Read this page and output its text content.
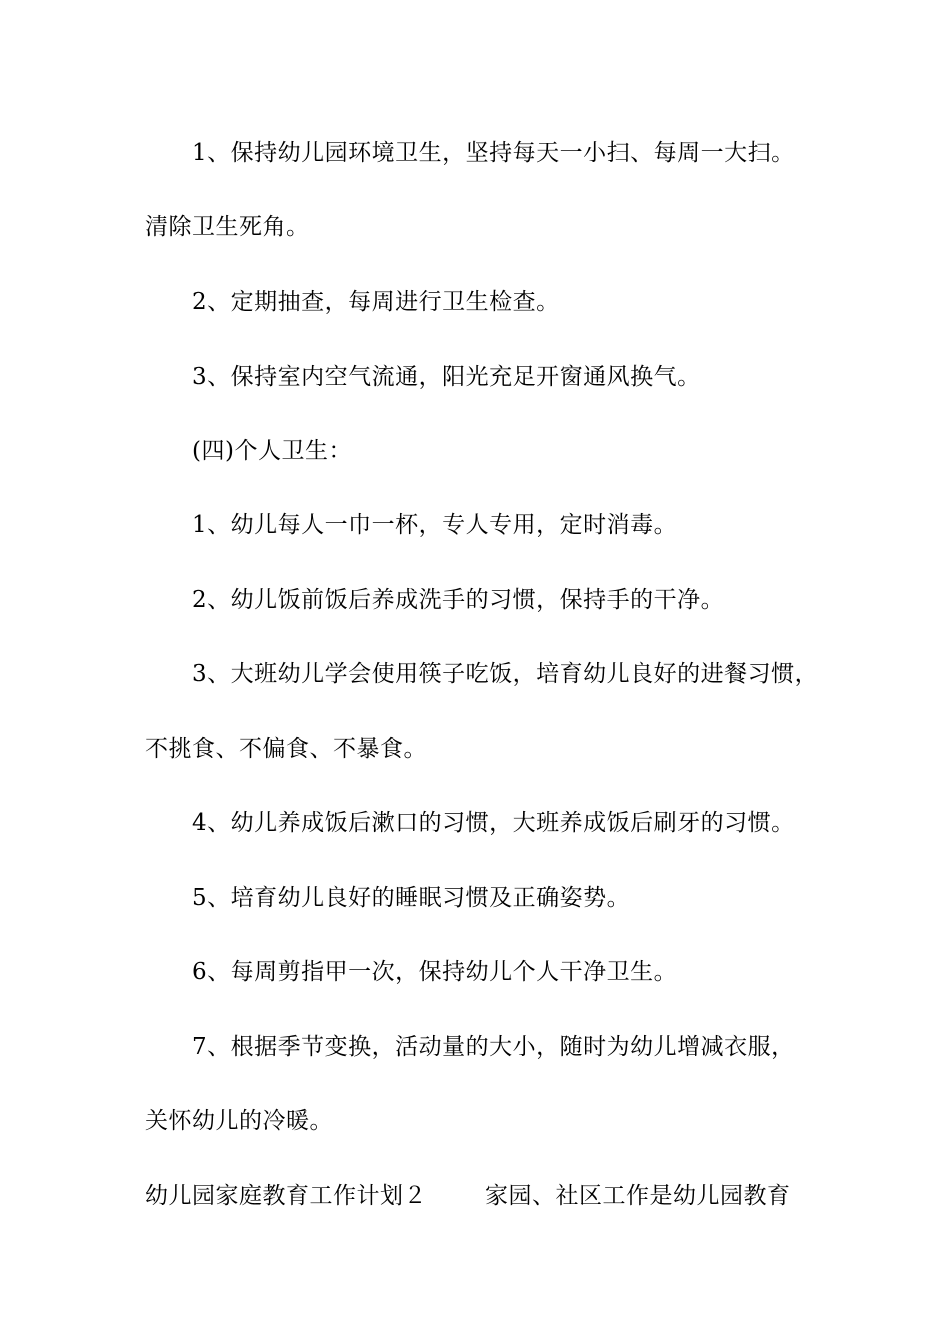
1、保持幼儿园环境卫生，坚持每天一小扫、每周一大扫。
清除卫生死角。
2、定期抽查，每周进行卫生检查。
3、保持室内空气流通，阳光充足开窗通风换气。
(四)个人卫生：
1、幼儿每人一巾一杯，专人专用，定时消毒。
2、幼儿饭前饭后养成洗手的习惯，保持手的干净。
3、大班幼儿学会使用筷子吃饭，培育幼儿良好的进餐习惯，
不挑食、不偏食、不暴食。
4、幼儿养成饭后漱口的习惯，大班养成饭后刷牙的习惯。
5、培育幼儿良好的睡眠习惯及正确姿势。
6、每周剪指甲一次，保持幼儿个人干净卫生。
7、根据季节变换，活动量的大小，随时为幼儿增减衣服，
关怀幼儿的冷暖。
幼儿园家庭教育工作计划２	家园、社区工作是幼儿园教育
